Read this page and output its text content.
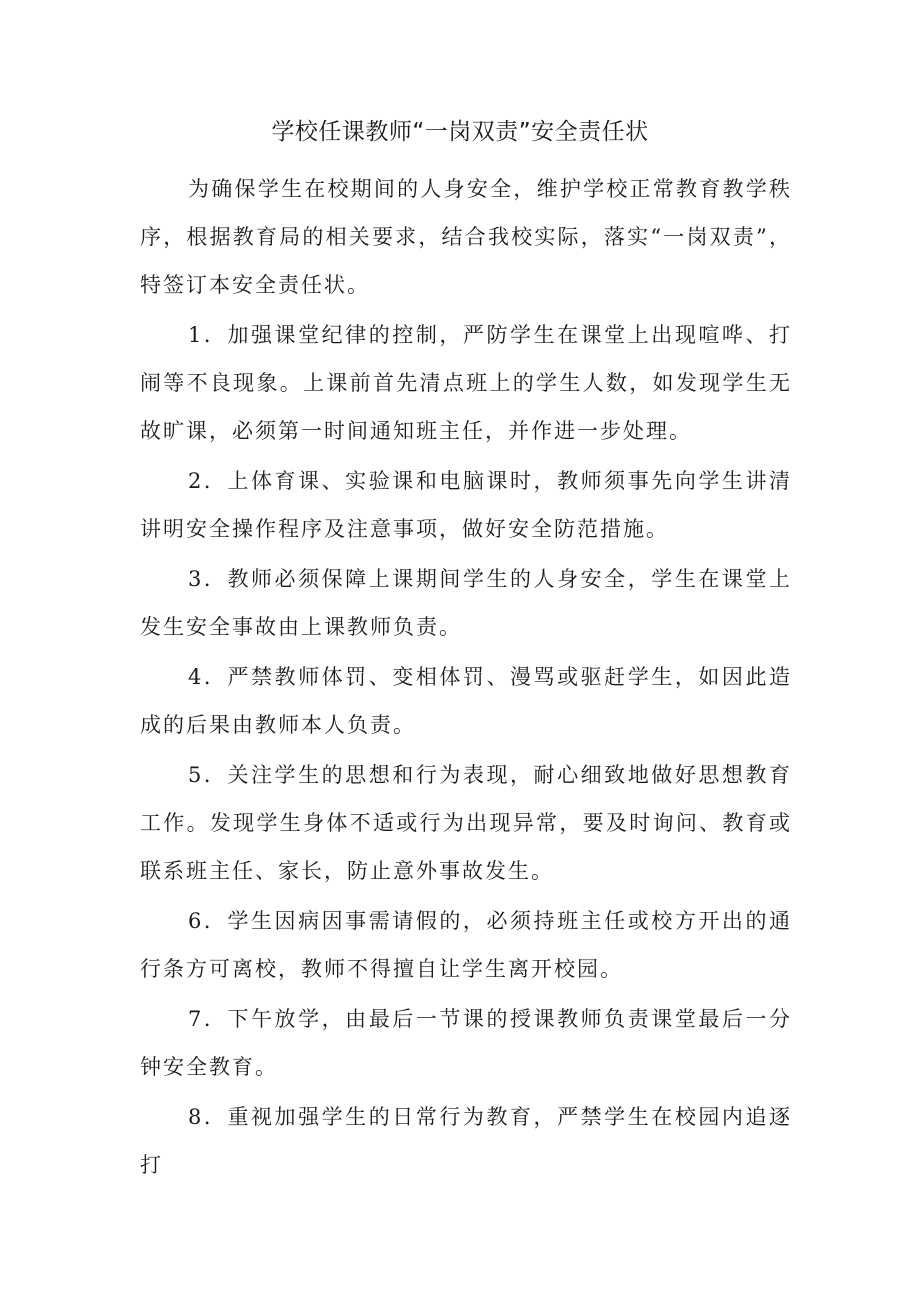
学校任课教师“一岗双责”安全责任状

为确保学生在校期间的人身安全，维护学校正常教育教学秩序，根据教育局的相关要求，结合我校实际，落实“一岗双责”，特签订本安全责任状。

1．加强课堂纪律的控制，严防学生在课堂上出现喧哗、打闹等不良现象。上课前首先清点班上的学生人数，如发现学生无故旷课，必须第一时间通知班主任，并作进一步处理。

2．上体育课、实验课和电脑课时，教师须事先向学生讲清讲明安全操作程序及注意事项，做好安全防范措施。

3．教师必须保障上课期间学生的人身安全，学生在课堂上发生安全事故由上课教师负责。

4．严禁教师体罚、变相体罚、漫骂或驱赶学生，如因此造成的后果由教师本人负责。

5．关注学生的思想和行为表现，耐心细致地做好思想教育工作。发现学生身体不适或行为出现异常，要及时询问、教育或联系班主任、家长，防止意外事故发生。

6．学生因病因事需请假的，必须持班主任或校方开出的通行条方可离校，教师不得擅自让学生离开校园。

7．下午放学，由最后一节课的授课教师负责课堂最后一分钟安全教育。

8．重视加强学生的日常行为教育，严禁学生在校园内追逐打
